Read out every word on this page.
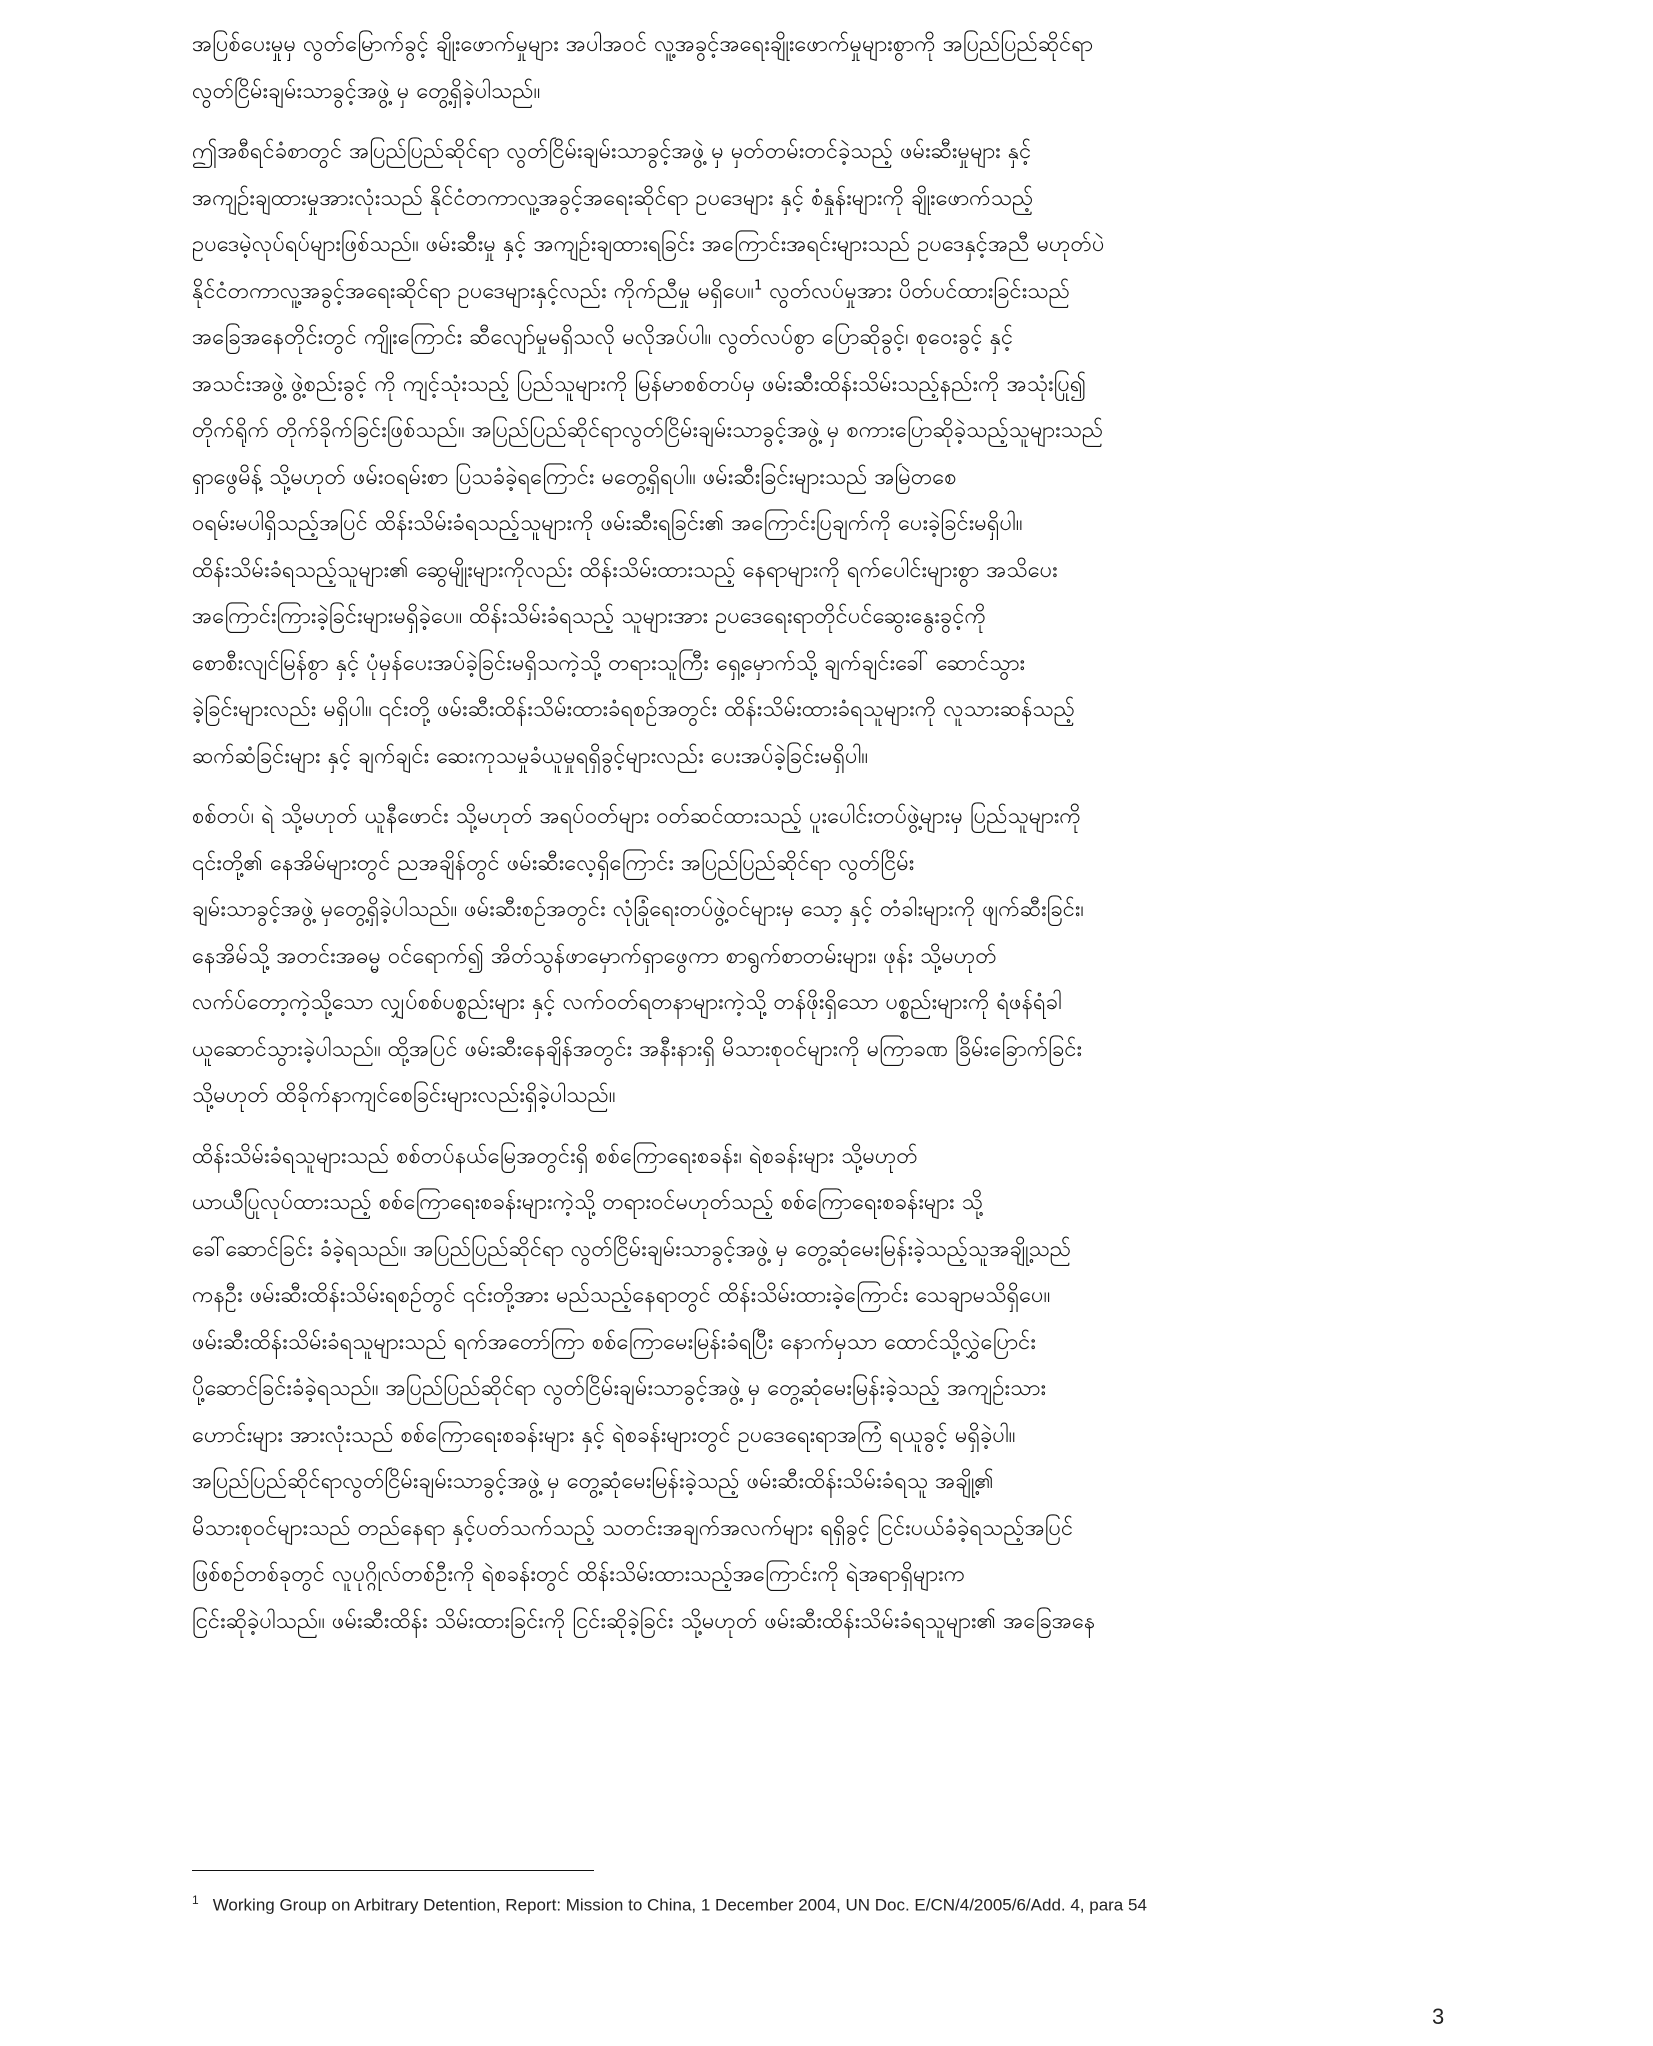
အပြစ်ပေးမှုမှ လွတ်မြောက်ခွင့် ချိုးဖောက်မှုများ အပါအဝင် လူ့အခွင့်အရေးချိုးဖောက်မှုများစွာကို အပြည်ပြည်ဆိုင်ရာ
လွတ်ငြိမ်းချမ်းသာခွင့်အဖွဲ့ မှ တွေ့ရှိခဲ့ပါသည်။
ဤအစီရင်ခံစာတွင် အပြည်ပြည်ဆိုင်ရာ လွတ်ငြိမ်းချမ်းသာခွင့်အဖွဲ့ မှ မှတ်တမ်းတင်ခဲ့သည့် ဖမ်းဆီးမှုများ နှင့်
အကျဉ်းချထားမှုအားလုံးသည် နိုင်ငံတကာလူ့အခွင့်အရေးဆိုင်ရာ ဥပဒေများ နှင့် စံနှုန်းများကို ချိုးဖောက်သည့်
ဥပဒေမဲ့လုပ်ရပ်များဖြစ်သည်။ ဖမ်းဆီးမှု နှင့် အကျဉ်းချထားရခြင်း အကြောင်းအရင်းများသည် ဥပဒေနှင့်အညီ မဟုတ်ပဲ
နိုင်ငံတကာလူ့အခွင့်အရေးဆိုင်ရာ ဥပဒေများနှင့်လည်း ကိုက်ညီမှု မရှိပေ။$^1$ လွတ်လပ်မှုအား ပိတ်ပင်ထားခြင်းသည်
အခြေအနေတိုင်းတွင် ကျိုးကြောင်း ဆီလျော်မှုမရှိသလို မလိုအပ်ပါ။ လွတ်လပ်စွာ ပြောဆိုခွင့်၊ စုဝေးခွင့် နှင့်
အသင်းအဖွဲ့ ဖွဲ့စည်းခွင့် ကို ကျင့်သုံးသည့် ပြည်သူများကို မြန်မာစစ်တပ်မှ ဖမ်းဆီးထိန်းသိမ်းသည့်နည်းကို အသုံးပြု၍
တိုက်ရိုက် တိုက်ခိုက်ခြင်းဖြစ်သည်။ အပြည်ပြည်ဆိုင်ရာလွတ်ငြိမ်းချမ်းသာခွင့်အဖွဲ့ မှ စကားပြောဆိုခဲ့သည့်သူများသည်
ရှာဖွေမိန့် သို့မဟုတ် ဖမ်းဝရမ်းစာ ပြသခံခဲ့ရကြောင်း မတွေ့ရှိရပါ။ ဖမ်းဆီးခြင်းများသည် အမြဲတစေ
ဝရမ်းမပါရှိသည့်အပြင် ထိန်းသိမ်းခံရသည့်သူများကို ဖမ်းဆီးရခြင်း၏ အကြောင်းပြချက်ကို ပေးခဲ့ခြင်းမရှိပါ။
ထိန်းသိမ်းခံရသည့်သူများ၏ ဆွေမျိုးများကိုလည်း ထိန်းသိမ်းထားသည့် နေရာများကို ရက်ပေါင်းများစွာ အသိပေး
အကြောင်းကြားခဲ့ခြင်းများမရှိခဲ့ပေ။ ထိန်းသိမ်းခံရသည့် သူများအား ဥပဒေရေးရာတိုင်ပင်ဆွေးနွေးခွင့်ကို
စောစီးလျင်မြန်စွာ နှင့် ပုံမှန်ပေးအပ်ခဲ့ခြင်းမရှိသကဲ့သို့ တရားသူကြီး ရှေ့မှောက်သို့ ချက်ချင်းခေါ် ဆောင်သွား
ခဲ့ခြင်းများလည်း မရှိပါ။ ၎င်းတို့ ဖမ်းဆီးထိန်းသိမ်းထားခံရစဉ်အတွင်း ထိန်းသိမ်းထားခံရသူများကို လူသားဆန်သည့်
ဆက်ဆံခြင်းများ နှင့် ချက်ချင်း ဆေးကုသမှုခံယူမှုရရှိခွင့်များလည်း ပေးအပ်ခဲ့ခြင်းမရှိပါ။
စစ်တပ်၊ ရဲ သို့မဟုတ် ယူနီဖောင်း သို့မဟုတ် အရပ်ဝတ်များ ဝတ်ဆင်ထားသည့် ပူးပေါင်းတပ်ဖွဲ့များမှ ပြည်သူများကို
၎င်းတို့၏ နေအိမ်များတွင် ညအချိန်တွင် ဖမ်းဆီးလေ့ရှိကြောင်း အပြည်ပြည်ဆိုင်ရာ လွတ်ငြိမ်း
ချမ်းသာခွင့်အဖွဲ့ မှတွေ့ရှိခဲ့ပါသည်။ ဖမ်းဆီးစဉ်အတွင်း လုံခြုံရေးတပ်ဖွဲ့ဝင်များမှ သော့ နှင့် တံခါးများကို ဖျက်ဆီးခြင်း၊
နေအိမ်သို့ အတင်းအဓမ္မ ဝင်ရောက်၍ အိတ်သွန်ဖာမှောက်ရှာဖွေကာ စာရွက်စာတမ်းများ၊ ဖုန်း သို့မဟုတ်
လက်ပ်တော့ကဲ့သို့သော လျှပ်စစ်ပစ္စည်းများ နှင့် လက်ဝတ်ရတနာများကဲ့သို့ တန်ဖိုးရှိသော ပစ္စည်းများကို ရံဖန်ရံခါ
ယူဆောင်သွားခဲ့ပါသည်။ ထို့အပြင် ဖမ်းဆီးနေချိန်အတွင်း အနီးနားရှိ မိသားစုဝင်များကို မကြာခဏ ခြိမ်းခြောက်ခြင်း
သို့မဟုတ် ထိခိုက်နာကျင်စေခြင်းများလည်းရှိခဲ့ပါသည်။
ထိန်းသိမ်းခံရသူများသည် စစ်တပ်နယ်မြေအတွင်းရှိ စစ်ကြောရေးစခန်း၊ ရဲစခန်းများ သို့မဟုတ်
ယာယီပြုလုပ်ထားသည့် စစ်ကြောရေးစခန်းများကဲ့သို့ တရားဝင်မဟုတ်သည့် စစ်ကြောရေးစခန်းများ သို့
ခေါ်ဆောင်ခြင်း ခံခဲ့ရသည်။ အပြည်ပြည်ဆိုင်ရာ လွတ်ငြိမ်းချမ်းသာခွင့်အဖွဲ့ မှ တွေ့ဆုံမေးမြန်းခဲ့သည့်သူအချို့သည်
ကနဦး ဖမ်းဆီးထိန်းသိမ်းရစဉ်တွင် ၎င်းတို့အား မည်သည့်နေရာတွင် ထိန်းသိမ်းထားခဲ့ကြောင်း သေချာမသိရှိပေ။
ဖမ်းဆီးထိန်းသိမ်းခံရသူများသည် ရက်အတော်ကြာ စစ်ကြောမေးမြန်းခံရပြီး နောက်မှသာ ထောင်သို့လွှဲပြောင်း
ပို့ဆောင်ခြင်းခံခဲ့ရသည်။ အပြည်ပြည်ဆိုင်ရာ လွတ်ငြိမ်းချမ်းသာခွင့်အဖွဲ့ မှ တွေ့ဆုံမေးမြန်းခဲ့သည့် အကျဉ်းသား
ဟောင်းများ အားလုံးသည် စစ်ကြောရေးစခန်းများ နှင့် ရဲစခန်းများတွင် ဥပဒေရေးရာအကြံ ရယူခွင့် မရှိခဲ့ပါ။
အပြည်ပြည်ဆိုင်ရာလွတ်ငြိမ်းချမ်းသာခွင့်အဖွဲ့ မှ တွေ့ဆုံမေးမြန်းခဲ့သည့် ဖမ်းဆီးထိန်းသိမ်းခံရသူ အချို့၏
မိသားစုဝင်များသည် တည်နေရာ နှင့်ပတ်သက်သည့် သတင်းအချက်အလက်များ ရရှိခွင့် ငြင်းပယ်ခံခဲ့ရသည့်အပြင်
ဖြစ်စဉ်တစ်ခုတွင် လူပုဂ္ဂိုလ်တစ်ဦးကို ရဲစခန်းတွင် ထိန်းသိမ်းထားသည့်အကြောင်းကို ရဲအရာရှိများက
ငြင်းဆိုခဲ့ပါသည်။ ဖမ်းဆီးထိန်း သိမ်းထားခြင်းကို ငြင်းဆိုခဲ့ခြင်း သို့မဟုတ် ဖမ်းဆီးထိန်းသိမ်းခံရသူများ၏ အခြေအနေ
$^1$ Working Group on Arbitrary Detention, Report: Mission to China, 1 December 2004, UN Doc. E/CN/4/2005/6/Add. 4, para 54
3
